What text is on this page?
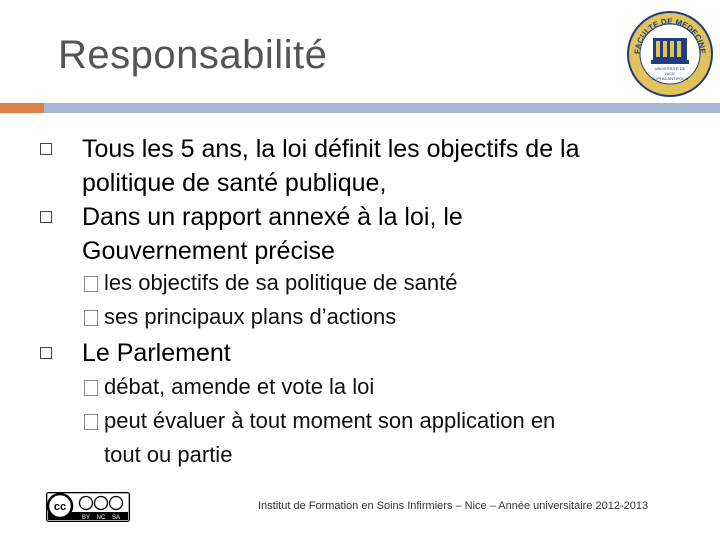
Responsabilité	UNIVERSITE DE
NICE
SOPHIA ANTIPOLIS
FACULTE DE MEDECINE
Tous les 5 ans, la loi définit les objectifs de la
politique de santé publique,
Dans un rapport annexé à la loi, le
Gouvernement précise
les objectifs de sa politique de santé
ses principaux plans d’actions
Le Parlement
débat, amende et vote la loi
peut évaluer à tout moment son application en
tout ou partie
cc
BY NC SA
Institut de Formation en Soins Infirmiers – Nice – Année universitaire 2012-2013
